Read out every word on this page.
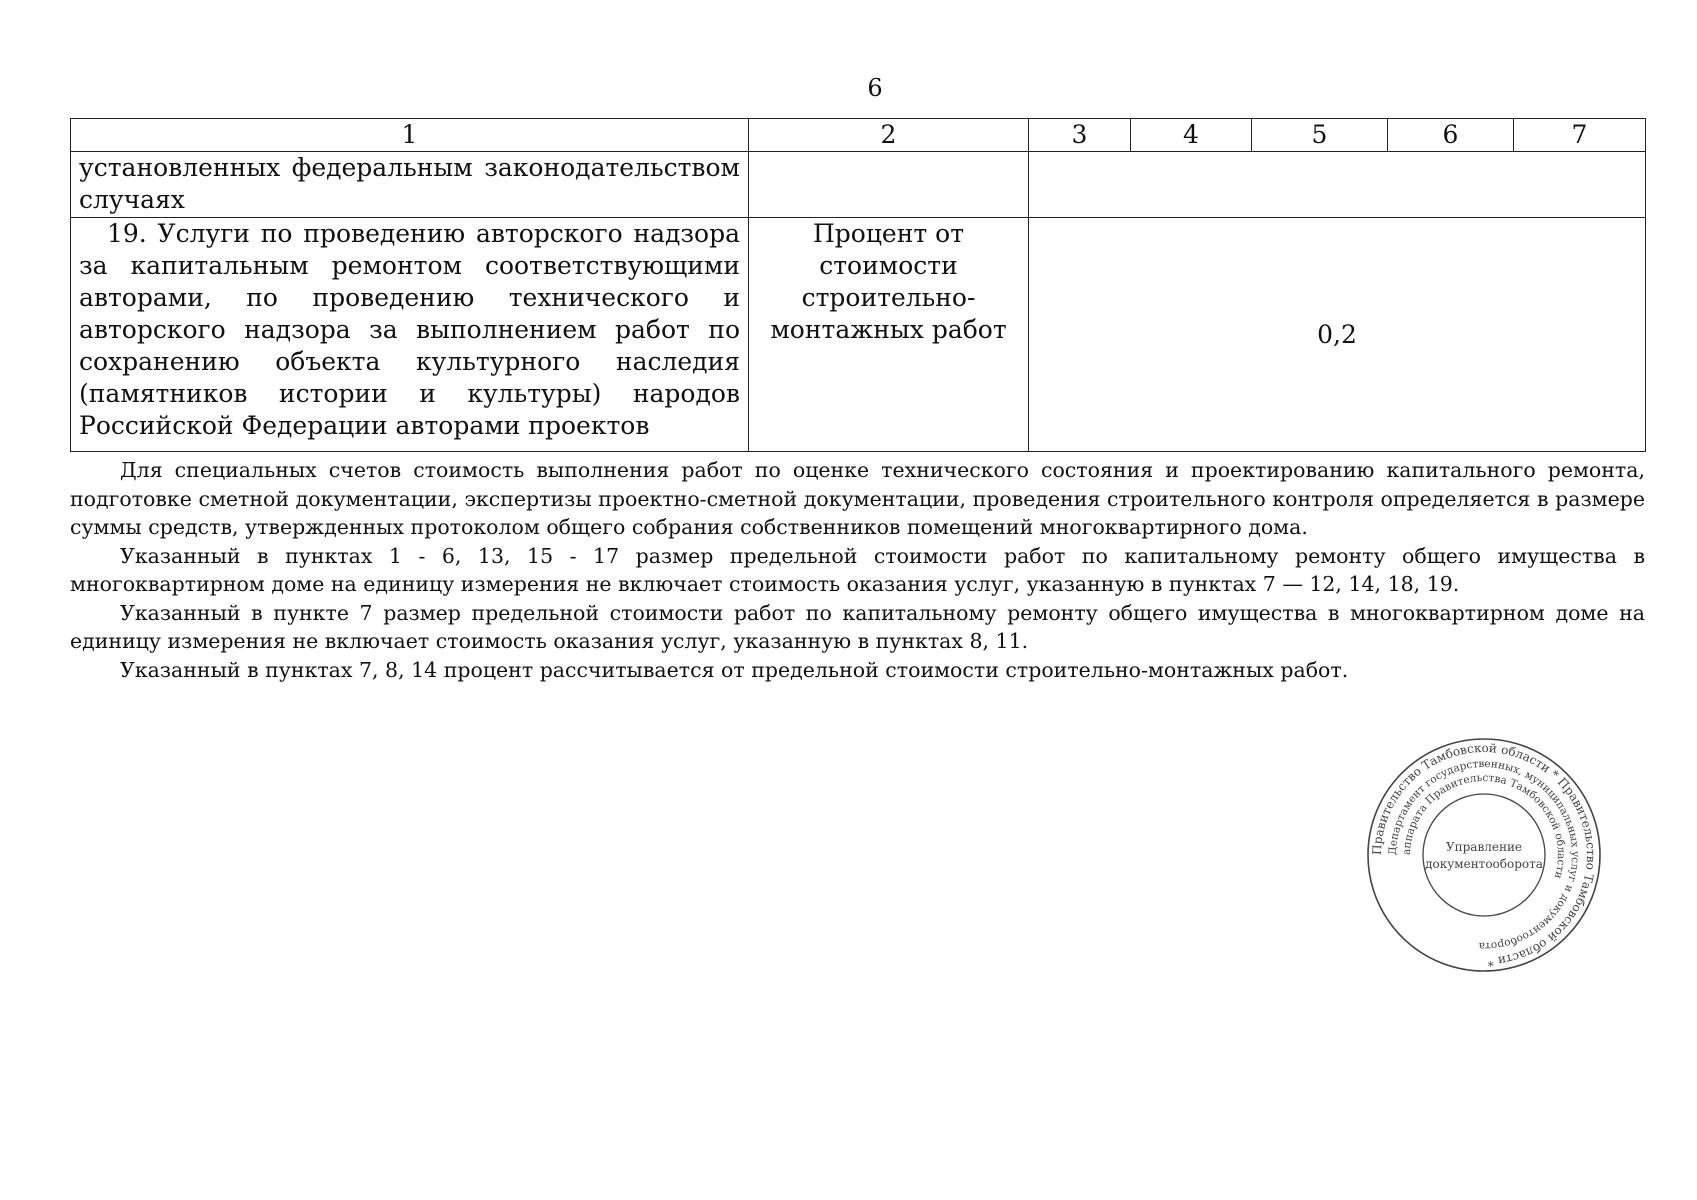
6
1	2	3	4	5	6	7
установленных федеральным законодательством случаях						
19. Услуги по проведению авторского надзора за капитальным ремонтом соответствующими авторами, по проведению технического и авторского надзора за выполнением работ по сохранению объекта культурного наследия (памятников истории и культуры) народов Российской Федерации авторами проектов	Процент от стоимости строительно-монтажных работ	0,2				

Для специальных счетов стоимость выполнения работ по оценке технического состояния и проектированию капитального ремонта, подготовке сметной документации, экспертизы проектно-сметной документации, проведения строительного контроля определяется в размере суммы средств, утвержденных протоколом общего собрания собственников помещений многоквартирного дома.

Указанный в пунктах 1 - 6, 13, 15 - 17 размер предельной стоимости работ по капитальному ремонту общего имущества в многоквартирном доме на единицу измерения не включает стоимость оказания услуг, указанную в пунктах 7 — 12, 14, 18, 19.

Указанный в пункте 7 размер предельной стоимости работ по капитальному ремонту общего имущества в многоквартирном доме на единицу измерения не включает стоимость оказания услуг, указанную в пунктах 8, 11.

Указанный в пунктах 7, 8, 14 процент рассчитывается от предельной стоимости строительно-монтажных работ.

Правительство Тамбовской области * Правительство Тамбовской области *
Департамент государственных, муниципальных услуг и документооборота
аппарата Правительства Тамбовской области
Управление
документооборота
